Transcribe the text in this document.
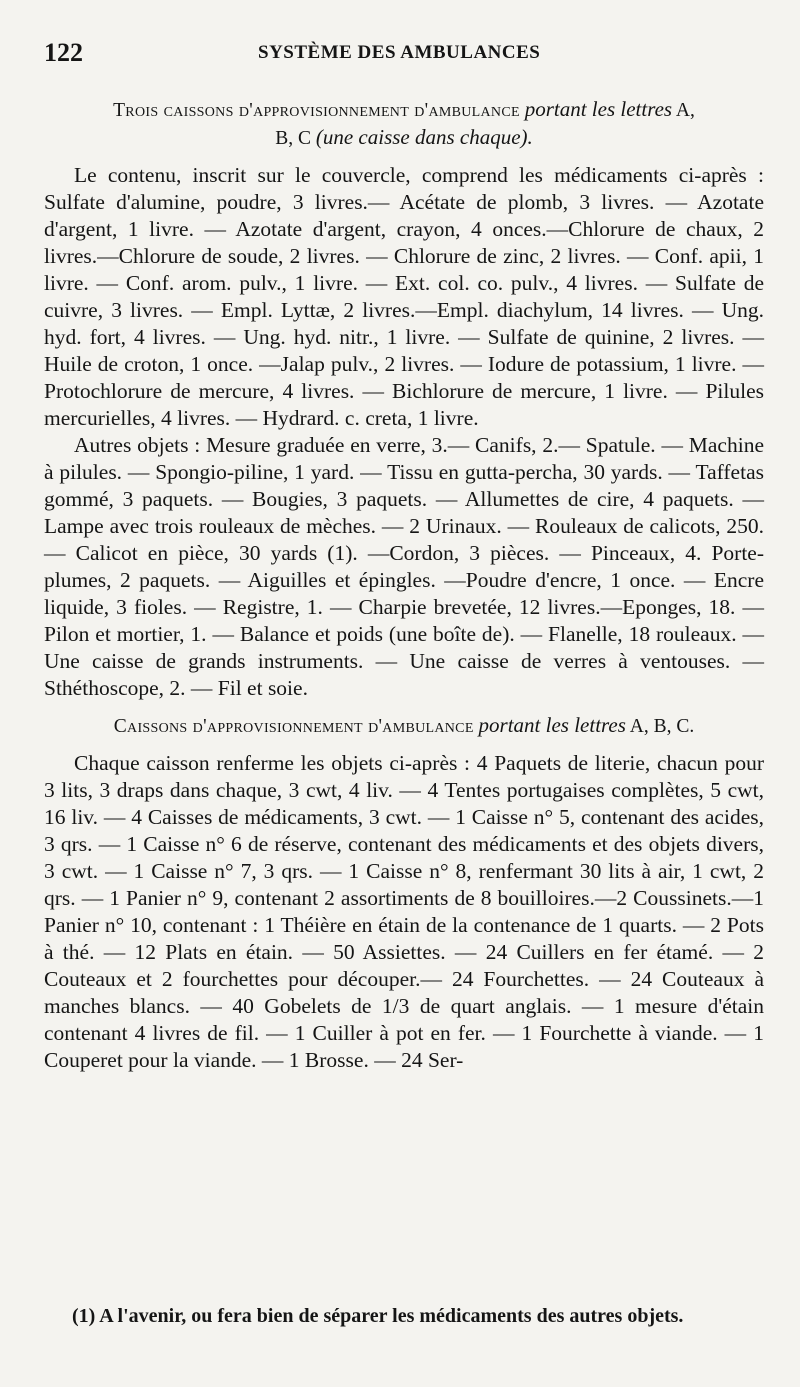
122	SYSTÈME DES AMBULANCES
Trois caissons d'approvisionnement d'ambulance portant les lettres A,
B, C (une caisse dans chaque).

Le contenu, inscrit sur le couvercle, comprend les médicaments ci-après : Sulfate d'alumine, poudre, 3 livres.— Acétate de plomb, 3 livres. — Azotate d'argent, 1 livre. — Azotate d'argent, crayon, 4 onces.—Chlorure de chaux, 2 livres.—Chlorure de soude, 2 livres. — Chlorure de zinc, 2 livres. — Conf. apii, 1 livre. — Conf. arom. pulv., 1 livre. — Ext. col. co. pulv., 4 livres. — Sulfate de cuivre, 3 livres. — Empl. Lyttæ, 2 livres.—Empl. diachylum, 14 livres. — Ung. hyd. fort, 4 livres. — Ung. hyd. nitr., 1 livre. — Sulfate de quinine, 2 livres. — Huile de croton, 1 once. —Jalap pulv., 2 livres. — Iodure de potassium, 1 livre. — Protochlorure de mercure, 4 livres. — Bichlorure de mercure, 1 livre. — Pilules mercurielles, 4 livres. — Hydrard. c. creta, 1 livre.

Autres objets : Mesure graduée en verre, 3.— Canifs, 2.— Spatule. — Machine à pilules. — Spongio-piline, 1 yard. — Tissu en gutta-percha, 30 yards. — Taffetas gommé, 3 paquets. — Bougies, 3 paquets. — Allumettes de cire, 4 paquets. — Lampe avec trois rouleaux de mèches. — 2 Urinaux. — Rouleaux de calicots, 250.— Calicot en pièce, 30 yards (1). —Cordon, 3 pièces. — Pinceaux, 4. Porte-plumes, 2 paquets. — Aiguilles et épingles. —Poudre d'encre, 1 once. — Encre liquide, 3 fioles. — Registre, 1. — Charpie brevetée, 12 livres.—Eponges, 18. — Pilon et mortier, 1. — Balance et poids (une boîte de). — Flanelle, 18 rouleaux. — Une caisse de grands instruments. — Une caisse de verres à ventouses. — Sthéthoscope, 2. — Fil et soie.

Caissons d'approvisionnement d'ambulance portant les lettres A, B, C.

Chaque caisson renferme les objets ci-après : 4 Paquets de literie, chacun pour 3 lits, 3 draps dans chaque, 3 cwt, 4 liv. — 4 Tentes portugaises complètes, 5 cwt, 16 liv. — 4 Caisses de médicaments, 3 cwt. — 1 Caisse n° 5, contenant des acides, 3 qrs. — 1 Caisse n° 6 de réserve, contenant des médicaments et des objets divers, 3 cwt. — 1 Caisse n° 7, 3 qrs. — 1 Caisse n° 8, renfermant 30 lits à air, 1 cwt, 2 qrs. — 1 Panier n° 9, contenant 2 assortiments de 8 bouilloires.—2 Coussinets.—1 Panier n° 10, contenant : 1 Théière en étain de la contenance de 1 quarts. — 2 Pots à thé. — 12 Plats en étain. — 50 Assiettes. — 24 Cuillers en fer étamé. — 2 Couteaux et 2 fourchettes pour découper.— 24 Fourchettes. — 24 Couteaux à manches blancs. — 40 Gobelets de 1/3 de quart anglais. — 1 mesure d'étain contenant 4 livres de fil. — 1 Cuiller à pot en fer. — 1 Fourchette à viande. — 1 Couperet pour la viande. — 1 Brosse. — 24 Ser-

(1) A l'avenir, ou fera bien de séparer les médicaments des autres objets.
